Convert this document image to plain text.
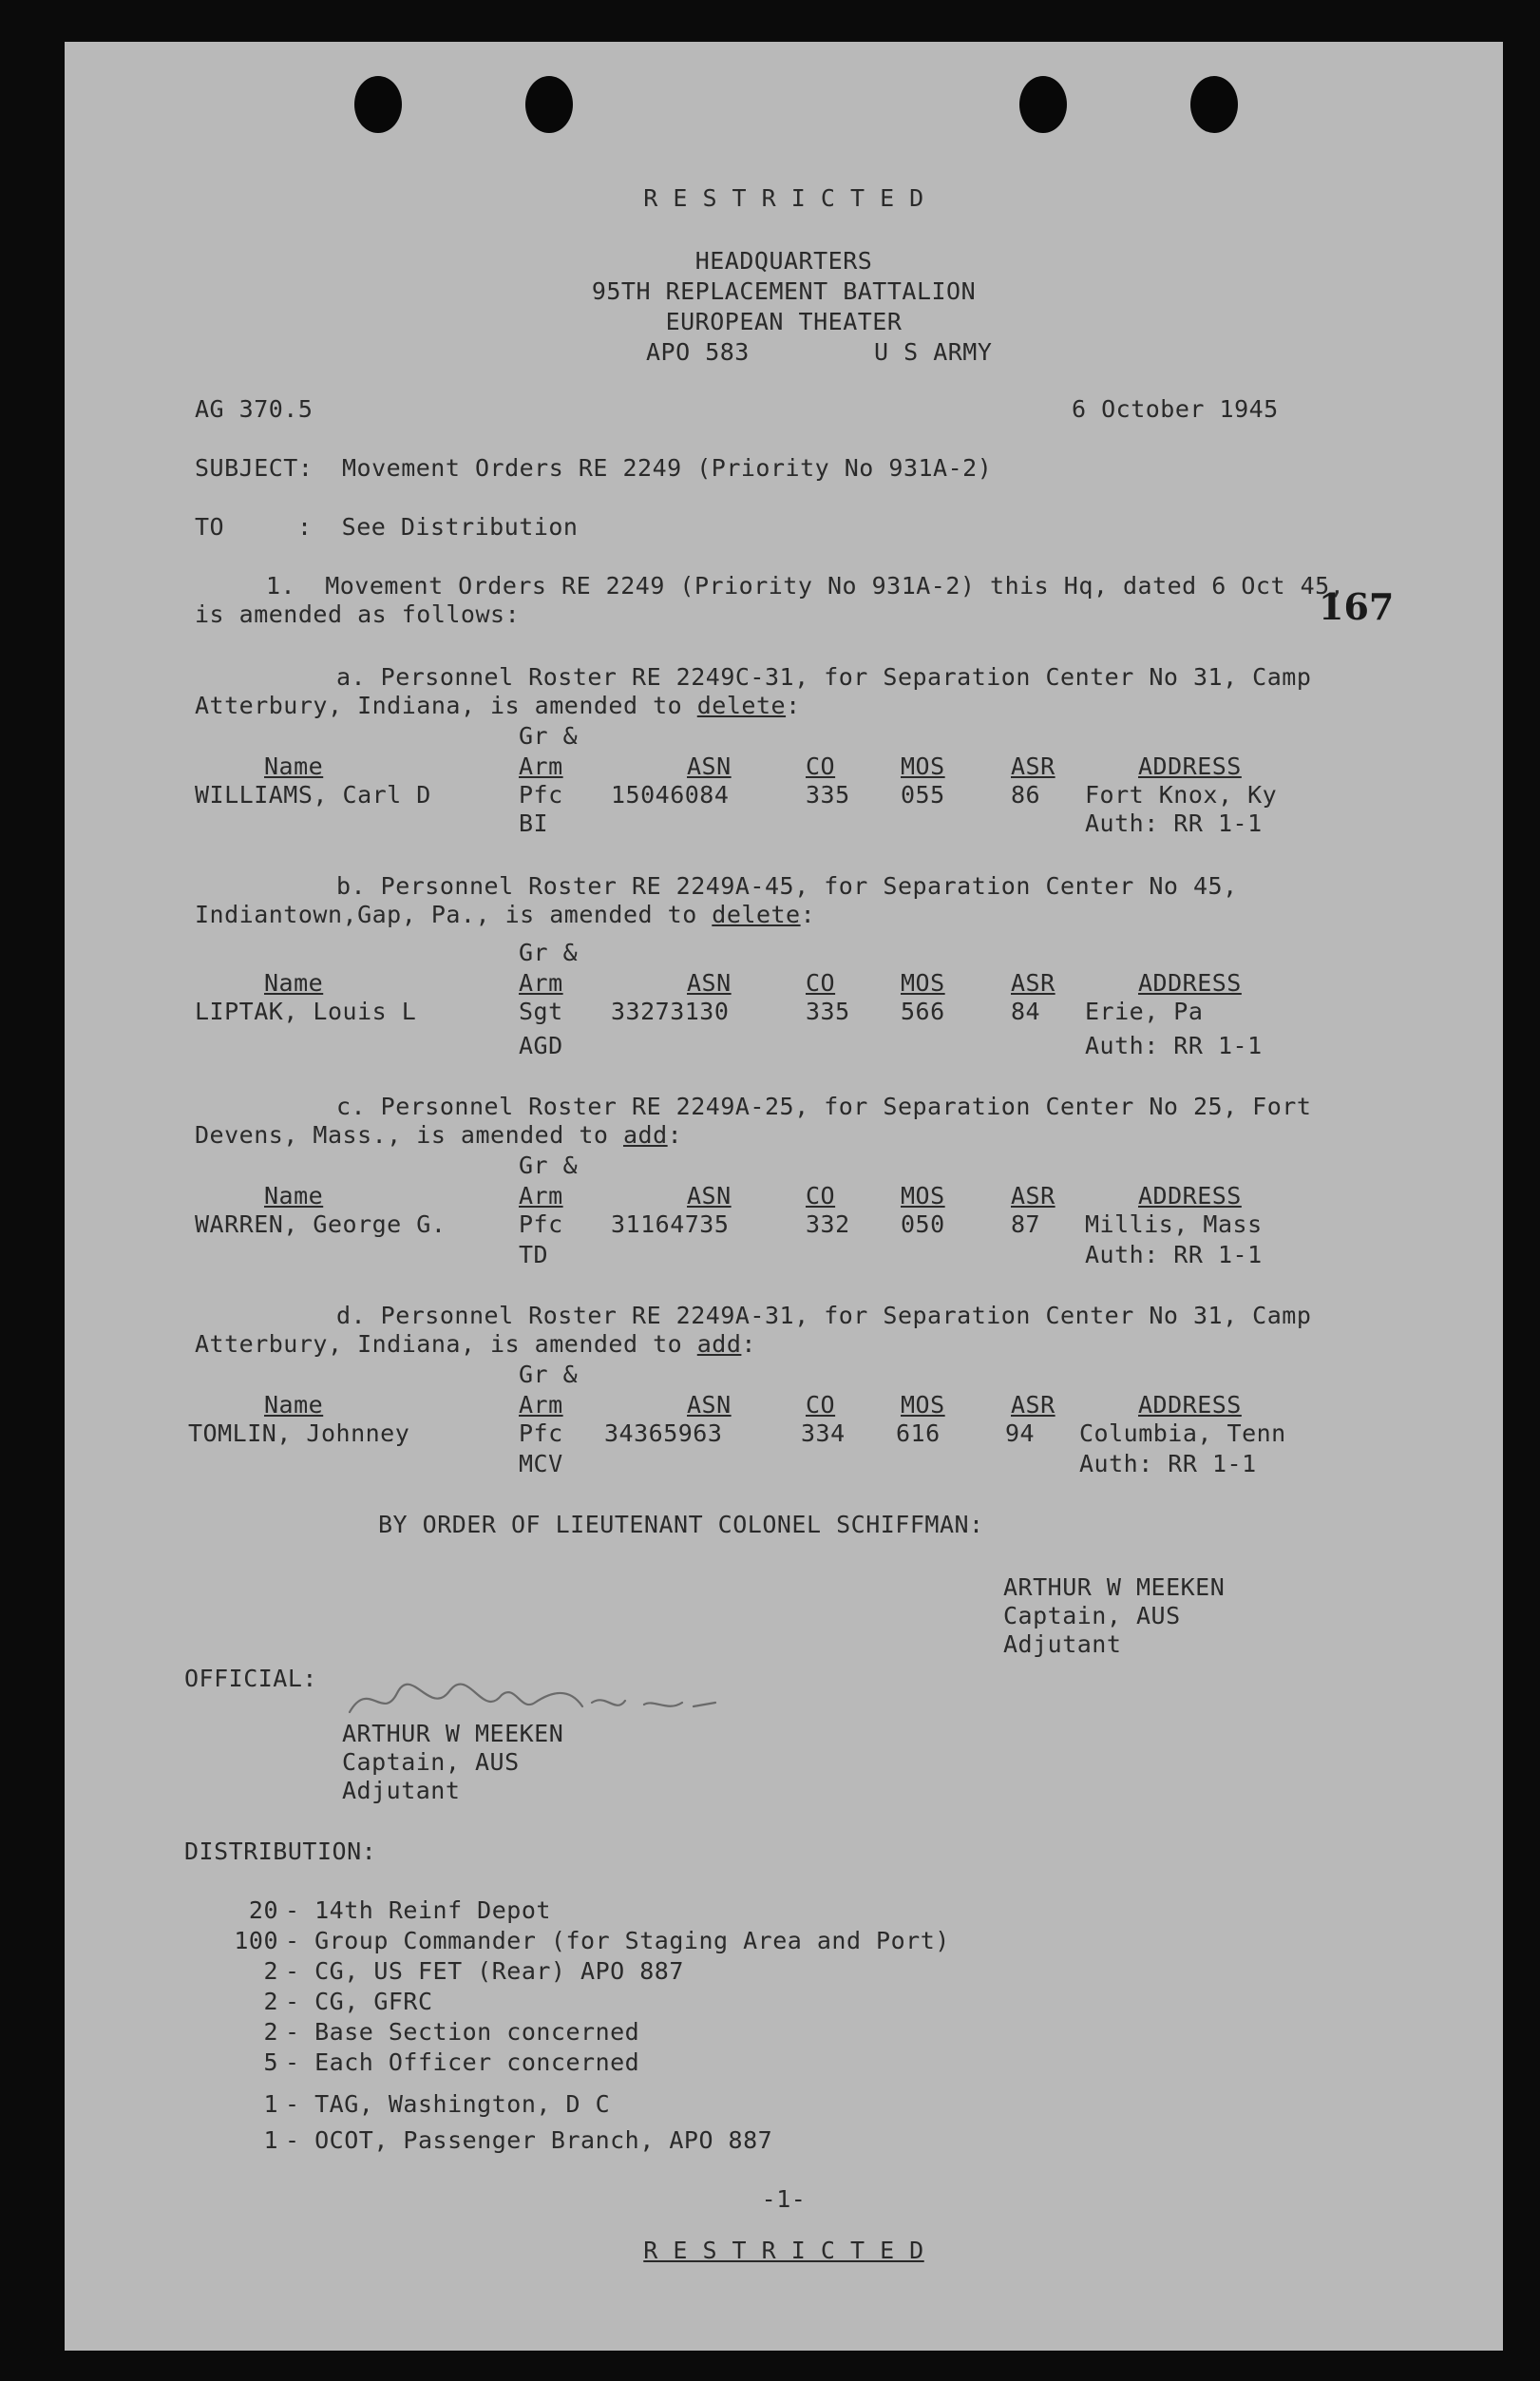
R E S T R I C T E D
HEADQUARTERS
95TH REPLACEMENT BATTALION
EUROPEAN THEATER
APO 583	U S ARMY
AG 370.5	6 October 1945
SUBJECT: Movement Orders RE 2249 (Priority No 931A-2)
TO	:  See Distribution
1.  Movement Orders RE 2249 (Priority No 931A-2) this Hq, dated 6 Oct 45,
is amended as follows:	167
a. Personnel Roster RE 2249C-31, for Separation Center No 31, Camp
Atterbury, Indiana, is amended to delete:
Gr &
Name	Arm	ASN	CO	MOS	ASR	ADDRESS
WILLIAMS, Carl D	Pfc 15046084	335 055	86 Fort Knox, Ky
BI	Auth: RR 1-1
b. Personnel Roster RE 2249A-45, for Separation Center No 45,
Indiantown,Gap, Pa., is amended to delete:
Gr &
Name	Arm	ASN	CO	MOS	ASR	ADDRESS
LIPTAK, Louis L	Sgt 33273130	335 566	84 Erie, Pa
AGD	Auth: RR 1-1
c. Personnel Roster RE 2249A-25, for Separation Center No 25, Fort
Devens, Mass., is amended to add:
Gr &
Name	Arm	ASN	CO	MOS	ASR	ADDRESS
WARREN, George G.	Pfc 31164735	332 050	87 Millis, Mass
TD	Auth: RR 1-1
d. Personnel Roster RE 2249A-31, for Separation Center No 31, Camp
Atterbury, Indiana, is amended to add:
Gr &
Name	Arm	ASN	CO	MOS	ASR	ADDRESS
TOMLIN, Johnney	Pfc 34365963	334 616	94 Columbia, Tenn
MCV	Auth: RR 1-1
BY ORDER OF LIEUTENANT COLONEL SCHIFFMAN:
ARTHUR W MEEKEN
Captain, AUS
Adjutant
OFFICIAL:
ARTHUR W MEEKEN
Captain, AUS
Adjutant
DISTRIBUTION:
20 - 14th Reinf Depot
100 - Group Commander (for Staging Area and Port)
2 - CG, US FET (Rear) APO 887
2 - CG, GFRC
2 - Base Section concerned
5 - Each Officer concerned
1 - TAG, Washington, D C
1 - OCOT, Passenger Branch, APO 887
-1-
R E S T R I C T E D
